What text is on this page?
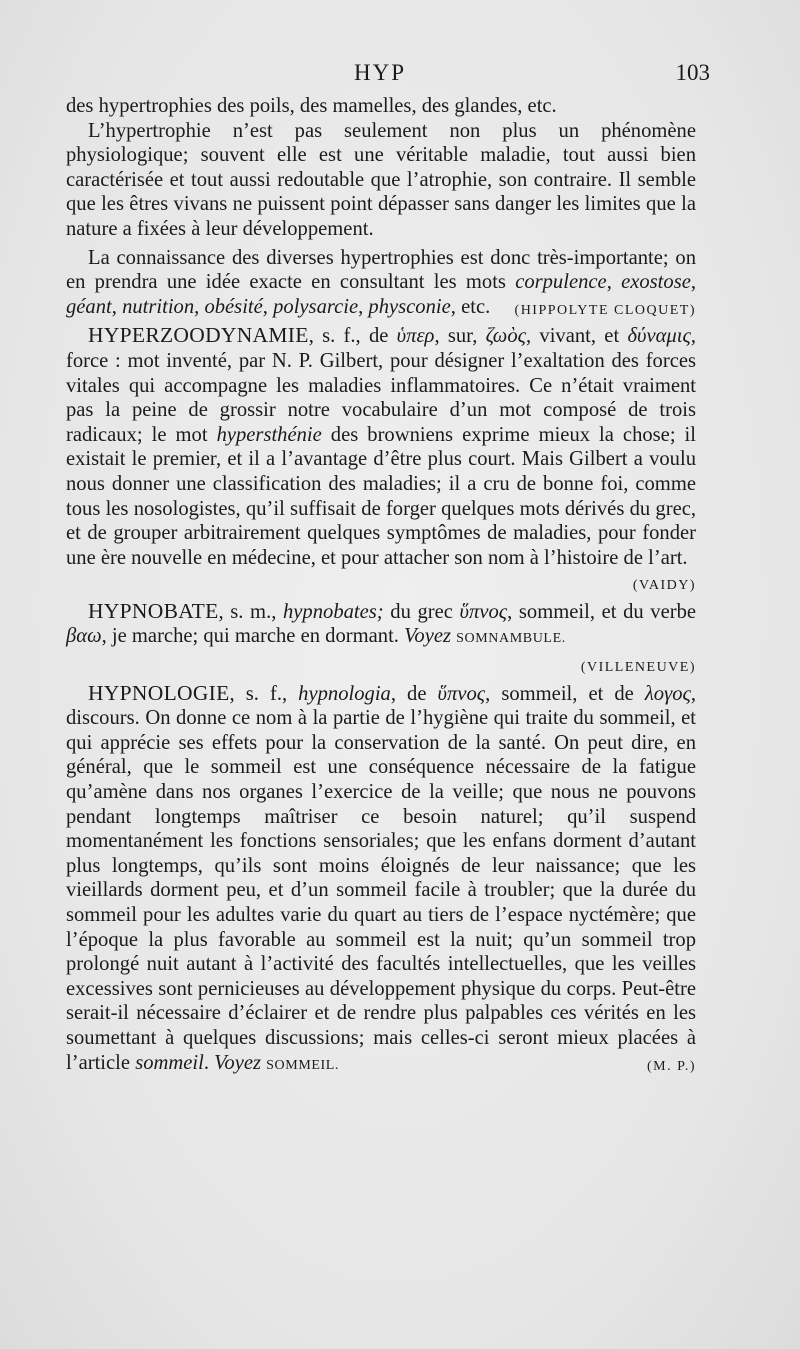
HYP	103

des hypertrophies des poils, des mamelles, des glandes, etc.

L’hypertrophie n’est pas seulement non plus un phénomène physiologique; souvent elle est une véritable maladie, tout aussi bien caractérisée et tout aussi redoutable que l’atrophie, son contraire. Il semble que les êtres vivans ne puissent point dépasser sans danger les limites que la nature a fixées à leur développement.

La connaissance des diverses hypertrophies est donc très-importante; on en prendra une idée exacte en consultant les mots corpulence, exostose, géant, nutrition, obésité, polysarcie, physconie, etc.	(HIPPOLYTE CLOQUET)

HYPERZOODYNAMIE, s. f., de ὑπερ, sur, ζωὸς, vivant, et δύναμις, force : mot inventé, par N. P. Gilbert, pour désigner l’exaltation des forces vitales qui accompagne les maladies inflammatoires. Ce n’était vraiment pas la peine de grossir notre vocabulaire d’un mot composé de trois radicaux; le mot hypersthénie des browniens exprime mieux la chose; il existait le premier, et il a l’avantage d’être plus court. Mais Gilbert a voulu nous donner une classification des maladies; il a cru de bonne foi, comme tous les nosologistes, qu’il suffisait de forger quelques mots dérivés du grec, et de grouper arbitrairement quelques symptômes de maladies, pour fonder une ère nouvelle en médecine, et pour attacher son nom à l’histoire de l’art.
(VAIDY)

HYPNOBATE, s. m., hypnobates; du grec ὕπνος, sommeil, et du verbe βαω, je marche; qui marche en dormant. Voyez SOMNAMBULE.
(VILLENEUVE)

HYPNOLOGIE, s. f., hypnologia, de ὕπνος, sommeil, et de λογος, discours. On donne ce nom à la partie de l’hygiène qui traite du sommeil, et qui apprécie ses effets pour la conservation de la santé. On peut dire, en général, que le sommeil est une conséquence nécessaire de la fatigue qu’amène dans nos organes l’exercice de la veille; que nous ne pouvons pendant longtemps maîtriser ce besoin naturel; qu’il suspend momentanément les fonctions sensoriales; que les enfans dorment d’autant plus longtemps, qu’ils sont moins éloignés de leur naissance; que les vieillards dorment peu, et d’un sommeil facile à troubler; que la durée du sommeil pour les adultes varie du quart au tiers de l’espace nyctémère; que l’époque la plus favorable au sommeil est la nuit; qu’un sommeil trop prolongé nuit autant à l’activité des facultés intellectuelles, que les veilles excessives sont pernicieuses au développement physique du corps. Peut-être serait-il nécessaire d’éclairer et de rendre plus palpables ces vérités en les soumettant à quelques discussions; mais celles-ci seront mieux placées à l’article sommeil. Voyez SOMMEIL.	(M. P.)
